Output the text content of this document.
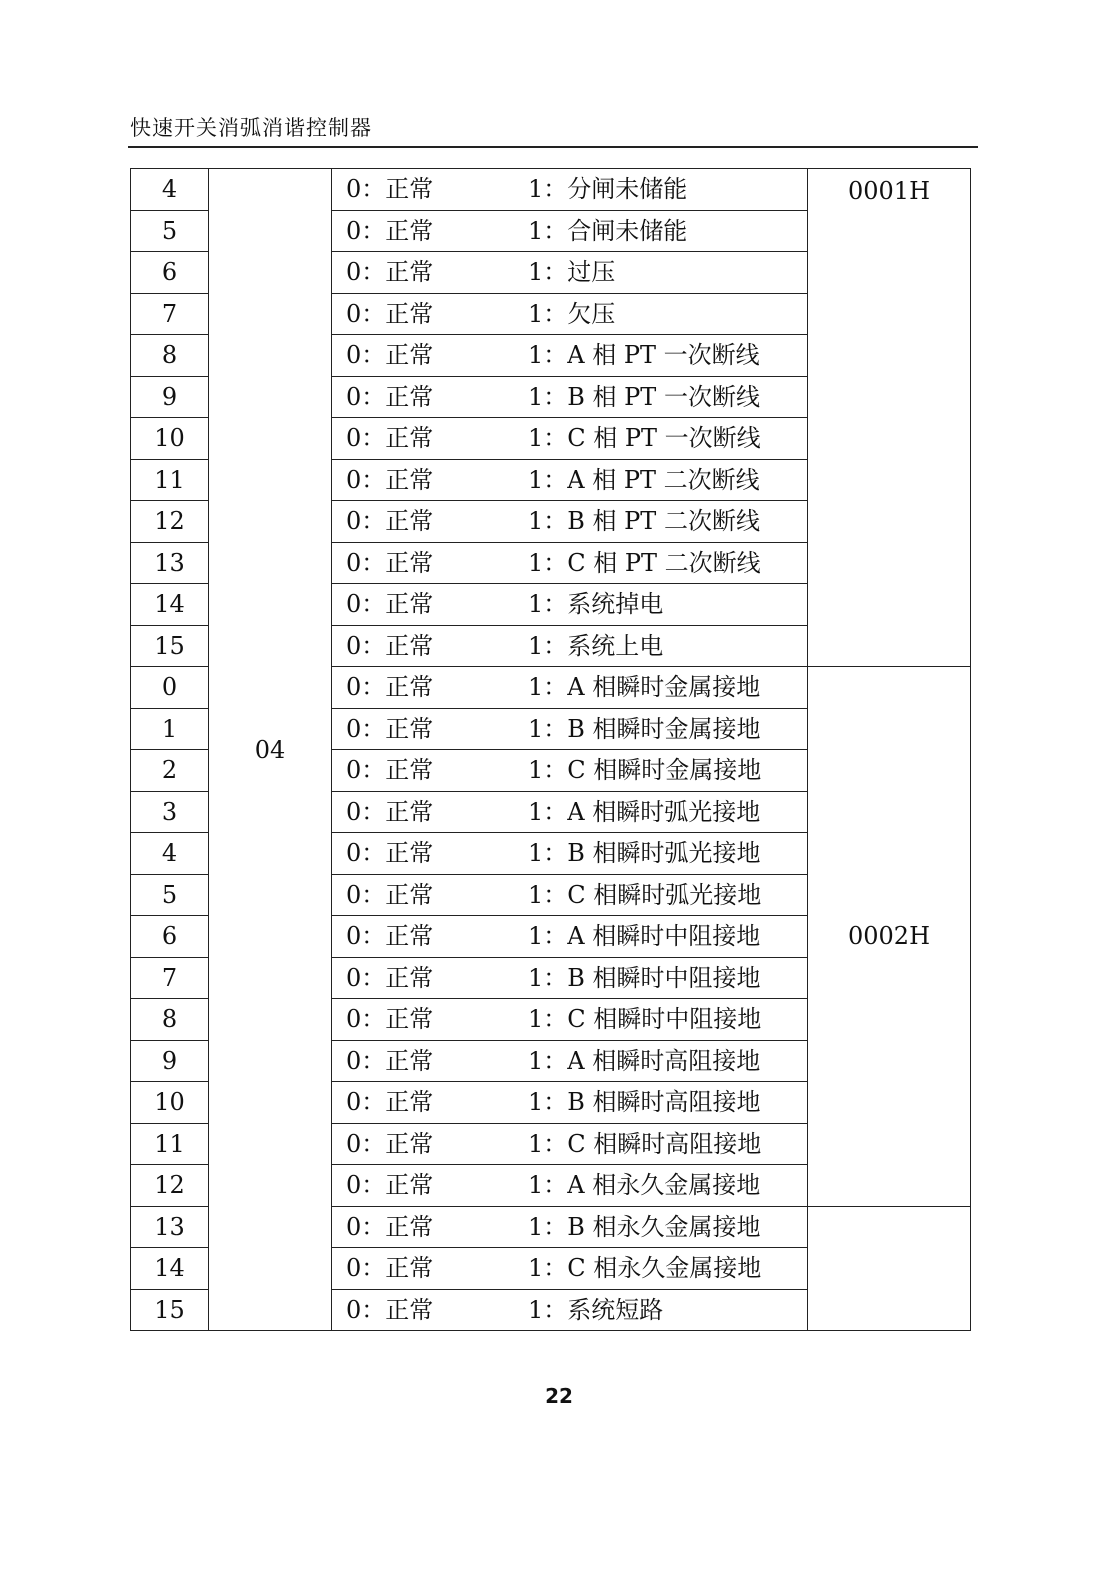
快速开关消弧消谐控制器
4	04	0：正常 1：分闸未储能	0001H
5		0：正常 1：合闸未储能	
6		0：正常 1：过压	
7		0：正常 1：欠压	
8		0：正常 1：A 相 PT 一次断线	
9		0：正常 1：B 相 PT 一次断线	
10		0：正常 1：C 相 PT 一次断线	
11		0：正常 1：A 相 PT 二次断线	
12		0：正常 1：B 相 PT 二次断线	
13		0：正常 1：C 相 PT 二次断线	
14		0：正常 1：系统掉电	
15		0：正常 1：系统上电	
0		0：正常 1：A 相瞬时金属接地	0002H
1		0：正常 1：B 相瞬时金属接地	
2		0：正常 1：C 相瞬时金属接地	
3		0：正常 1：A 相瞬时弧光接地	
4		0：正常 1：B 相瞬时弧光接地	
5		0：正常 1：C 相瞬时弧光接地	
6		0：正常 1：A 相瞬时中阻接地	
7		0：正常 1：B 相瞬时中阻接地	
8		0：正常 1：C 相瞬时中阻接地	
9		0：正常 1：A 相瞬时高阻接地	
10		0：正常 1：B 相瞬时高阻接地	
11		0：正常 1：C 相瞬时高阻接地	
12		0：正常 1：A 相永久金属接地	
13		0：正常 1：B 相永久金属接地	
14		0：正常 1：C 相永久金属接地	
15		0：正常 1：系统短路	
22
